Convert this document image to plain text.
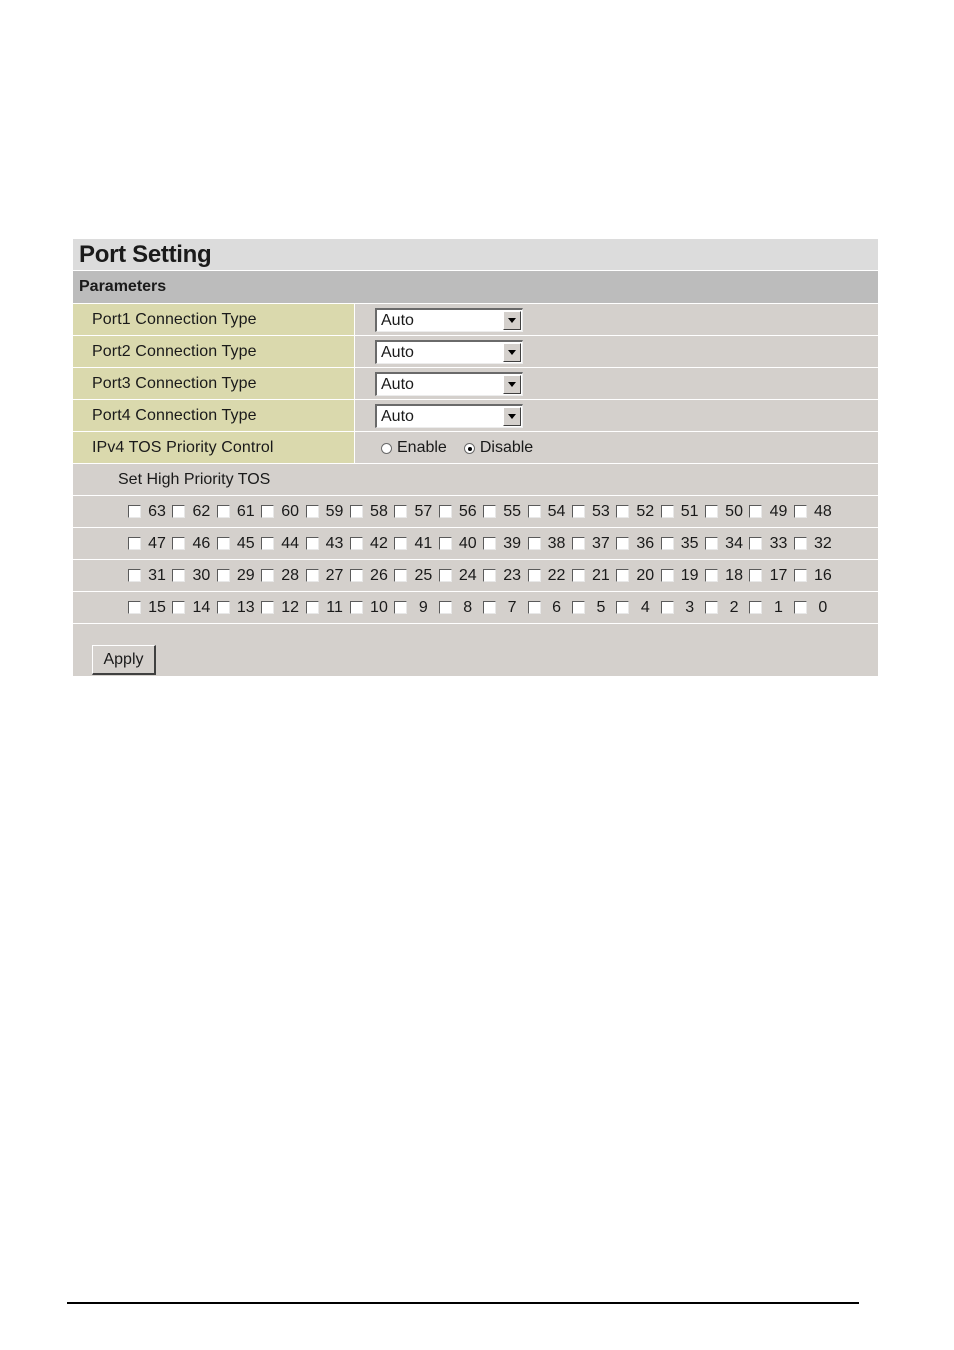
Port Setting
Parameters
Port1 Connection Type	Auto
Port2 Connection Type	Auto
Port3 Connection Type	Auto
Port4 Connection Type	Auto
IPv4 TOS Priority Control	Enable Disable
Set High Priority TOS
63 62 61 60 59 58 57 56 55 54 53 52 51 50 49 48
47 46 45 44 43 42 41 40 39 38 37 36 35 34 33 32
31 30 29 28 27 26 25 24 23 22 21 20 19 18 17 16
15 14 13 12 11 10	9	8	7	6	5	4	3	2	1	0
Apply
